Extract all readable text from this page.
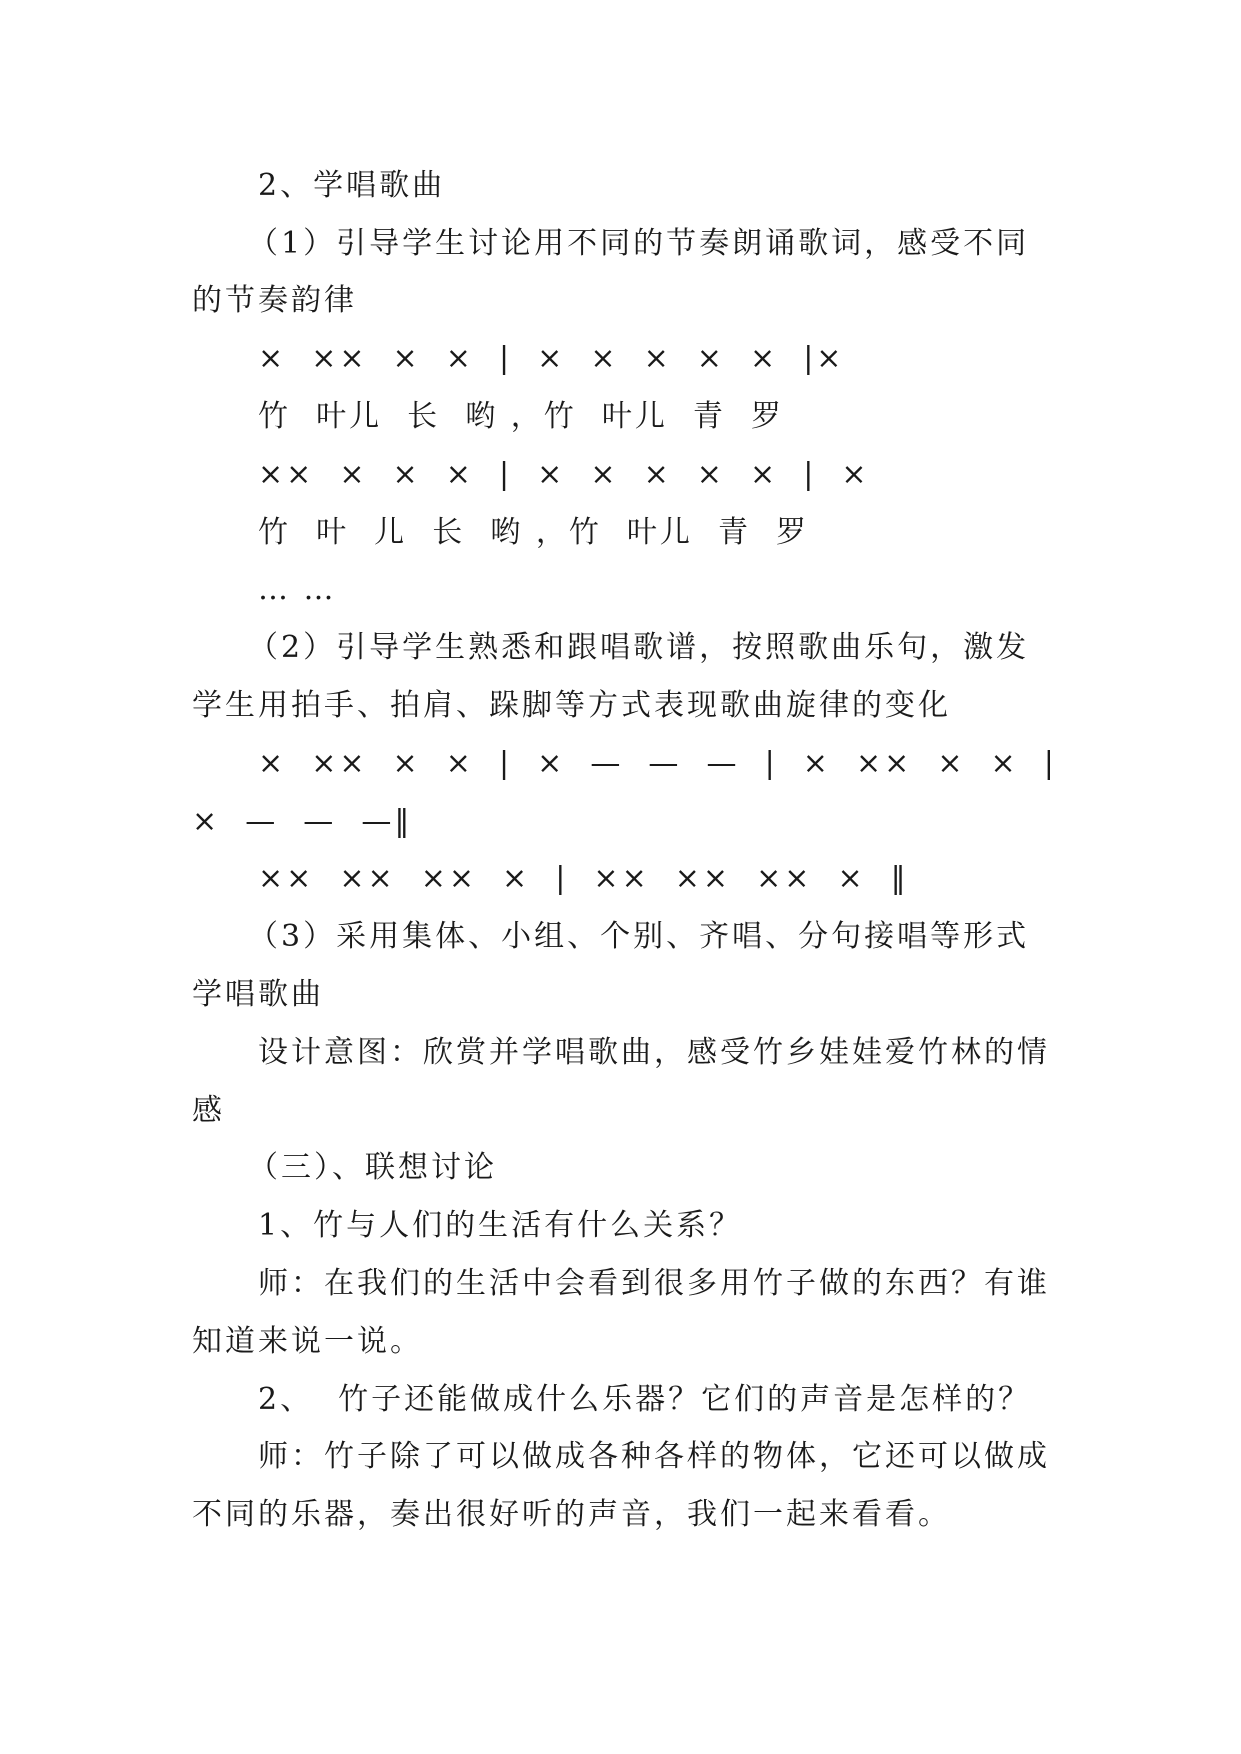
2、学唱歌曲
（1）引导学生讨论用不同的节奏朗诵歌词，感受不同
的节奏韵律
×  ××  ×  ×  |  ×  ×  ×  ×  ×  |×
竹  叶儿  长  哟 ，竹  叶儿  青  罗
××  ×  ×  ×  |  ×  ×  ×  ×  ×  |  ×
竹  叶  儿  长  哟 ，竹  叶儿  青  罗
… …
（2）引导学生熟悉和跟唱歌谱，按照歌曲乐句，激发
学生用拍手、拍肩、跺脚等方式表现歌曲旋律的变化
×  ××  ×  ×  |  ×  —  —  —  |  ×  ××  ×  ×  |
×  —  —  —‖
××  ××  ××  ×  |  ××  ××  ××  ×  ‖
（3）采用集体、小组、个别、齐唱、分句接唱等形式
学唱歌曲
设计意图：欣赏并学唱歌曲，感受竹乡娃娃爱竹林的情
感
（三）、联想讨论
1、竹与人们的生活有什么关系？
师：在我们的生活中会看到很多用竹子做的东西？有谁
知道来说一说。
2、  竹子还能做成什么乐器？它们的声音是怎样的？
师：竹子除了可以做成各种各样的物体，它还可以做成
不同的乐器，奏出很好听的声音，我们一起来看看。
